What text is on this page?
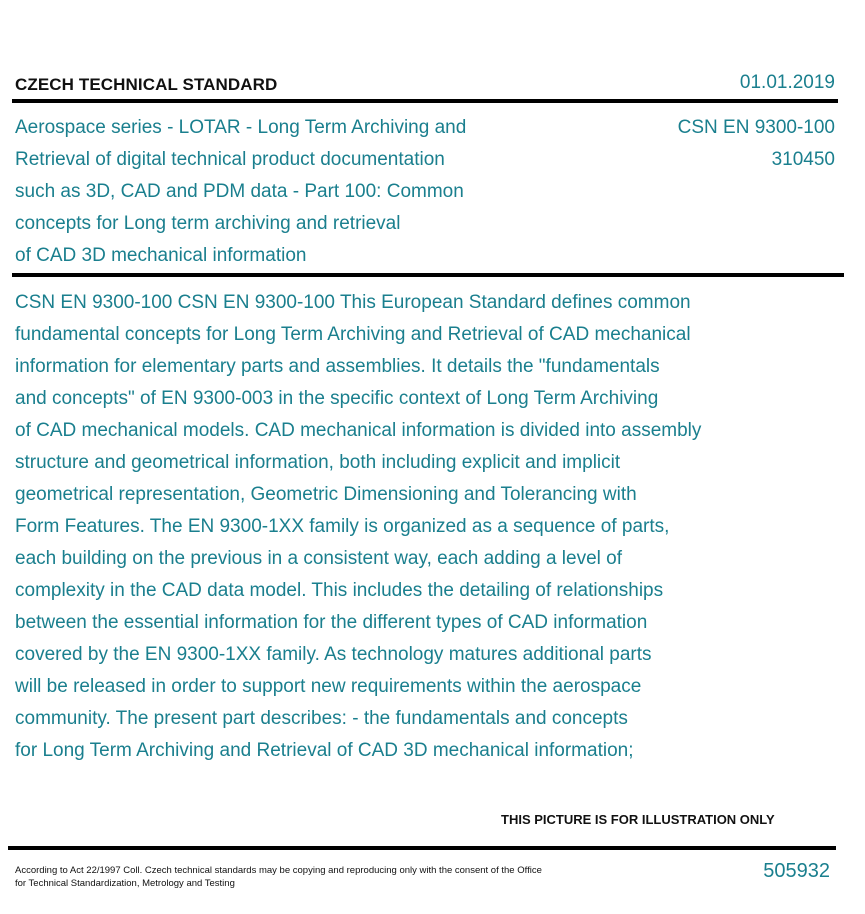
CZECH TECHNICAL STANDARD	01.01.2019
Aerospace series - LOTAR - Long Term Archiving and
Retrieval of digital technical product documentation
such as 3D, CAD and PDM data - Part 100: Common
concepts for Long term archiving and retrieval
of CAD 3D mechanical information
CSN EN 9300-100
310450
CSN EN 9300-100 CSN EN 9300-100 This European Standard defines common
fundamental concepts for Long Term Archiving and Retrieval of CAD mechanical
information for elementary parts and assemblies. It details the "fundamentals
and concepts" of EN 9300-003 in the specific context of Long Term Archiving
of CAD mechanical models. CAD mechanical information is divided into assembly
structure and geometrical information, both including explicit and implicit
geometrical representation, Geometric Dimensioning and Tolerancing with
Form Features. The EN 9300-1XX family is organized as a sequence of parts,
each building on the previous in a consistent way, each adding a level of
complexity in the CAD data model. This includes the detailing of relationships
between the essential information for the different types of CAD information
covered by the EN 9300-1XX family. As technology matures additional parts
will be released in order to support new requirements within the aerospace
community. The present part describes: - the fundamentals and concepts
for Long Term Archiving and Retrieval of CAD 3D mechanical information;
THIS PICTURE IS FOR ILLUSTRATION ONLY
According to Act 22/1997 Coll. Czech technical standards may be copying and reproducing only with the consent of the Office
for Technical Standardization, Metrology and Testing
505932
